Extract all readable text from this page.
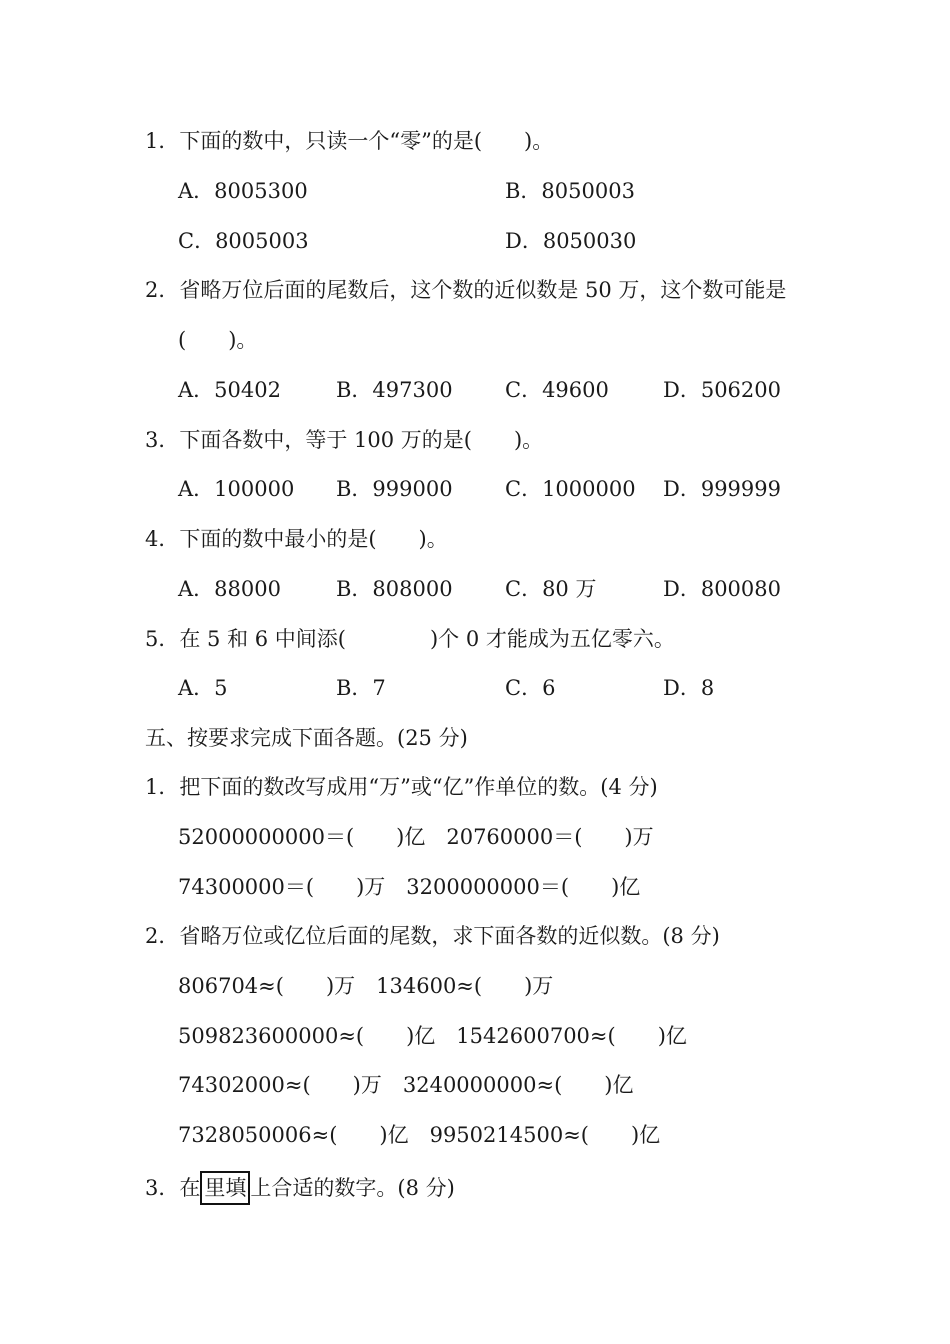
1．下面的数中，只读一个“零”的是(　　)。
A．8005300	B．8050003
C．8005003	D．8050030
2．省略万位后面的尾数后，这个数的近似数是 50 万，这个数可能是
(　　)。
A．50402	B．497300 C．49600	D．506200
3．下面各数中，等于 100 万的是(　　)。
A．100000 B．999000 C．1000000 D．999999
4．下面的数中最小的是(　　)。
A．88000	B．808000 C．80 万	D．800080
5．在 5 和 6 中间添(　　　　)个 0 才能成为五亿零六。
A．5	B．7	C．6	D．8
五、按要求完成下面各题。(25 分)
1．把下面的数改写成用“万”或“亿”作单位的数。(4 分)
52000000000＝(　　)亿　20760000＝(　　)万
74300000＝(　　)万　3200000000＝(　　)亿
2．省略万位或亿位后面的尾数，求下面各数的近似数。(8 分)
806704≈(　　)万　134600≈(　　)万
509823600000≈(　　)亿　1542600700≈(　　)亿
74302000≈(　　)万　3240000000≈(　　)亿
7328050006≈(　　)亿　9950214500≈(　　)亿
3．在 里填 上合适的数字。(8 分)
